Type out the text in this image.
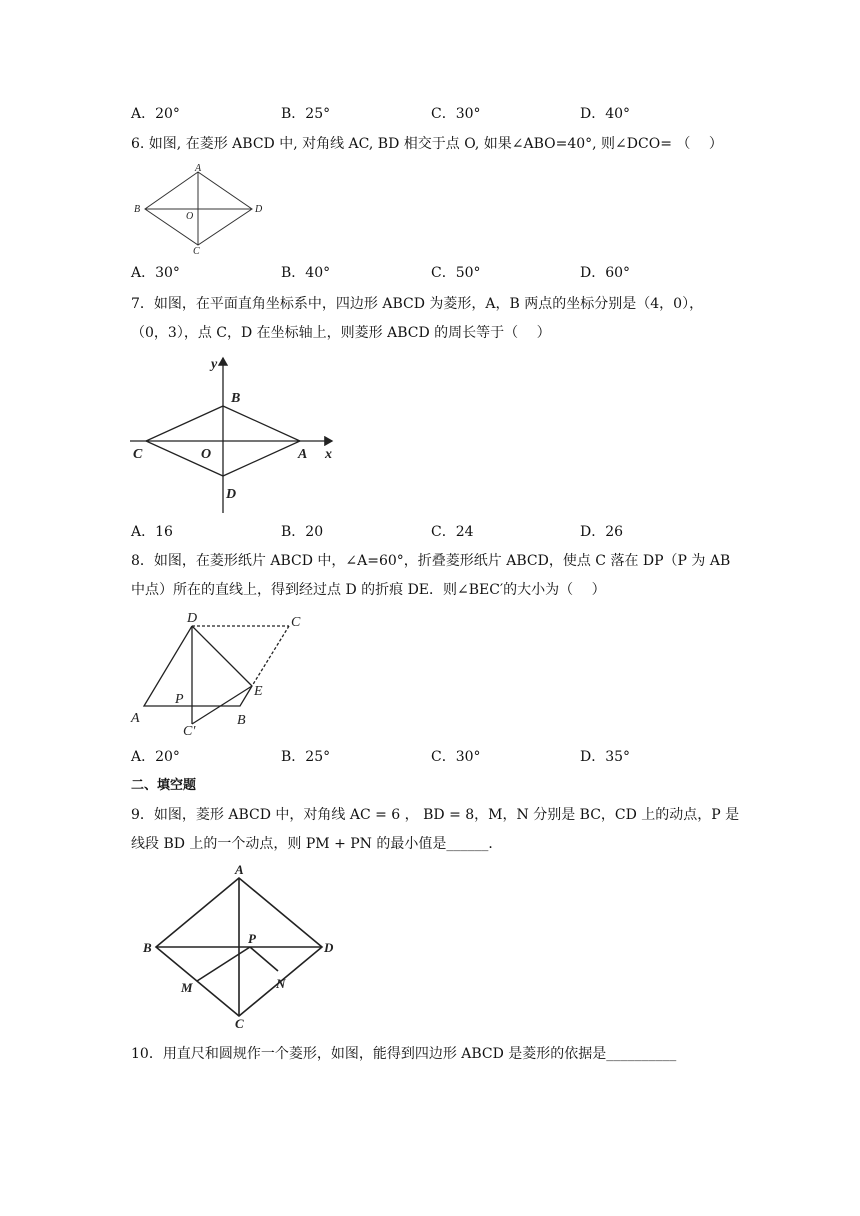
A．20°	B．25°	C．30°	D．40°
6. 如图, 在菱形 ABCD 中, 对角线 AC, BD 相交于点 O, 如果∠ABO=40°, 则∠DCO= （　 ）
A
B
O
D
C
A．30°	B．40°	C．50°	D．60°
7．如图，在平面直角坐标系中，四边形 ABCD 为菱形，A，B 两点的坐标分别是（4，0），
（0，3），点 C，D 在坐标轴上，则菱形 ABCD 的周长等于（　 ）
y
B
C	O	A x
D
A．16	B．20	C．24	D．26
8．如图，在菱形纸片 ABCD 中，∠A=60°，折叠菱形纸片 ABCD，使点 C 落在 DP（P 为 AB
中点）所在的直线上，得到经过点 D 的折痕 DE．则∠BEC′的大小为（　 ）
D	C
P
E
A	B
C′
A．20°	B．25°	C．30°	D．35°
二、填空题
9．如图，菱形 ABCD 中，对角线 AC = 6 ， BD = 8，M，N 分别是 BC，CD 上的动点，P 是
线段 BD 上的一个动点，则 PM + PN 的最小值是______．
A
B
P
D
M	N
C
10．用直尺和圆规作一个菱形，如图，能得到四边形 ABCD 是菱形的依据是__________
